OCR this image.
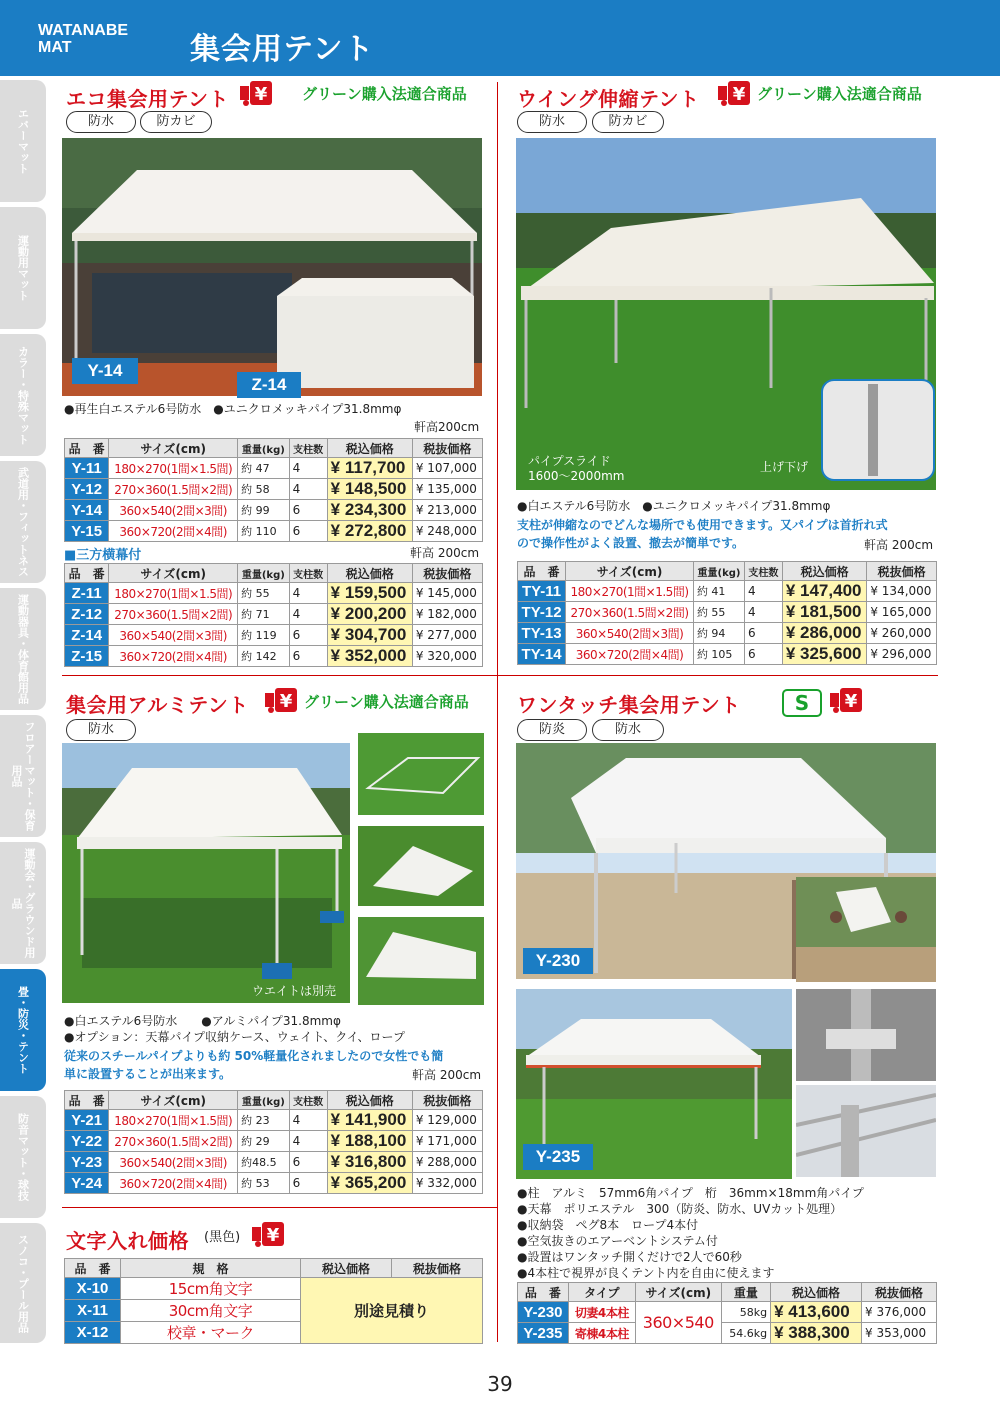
WATANABE
MAT	集会用テント
エバーマット
運動用マット
カラー・特殊マット
武道用・フィットネス
運動器具・体育館用品
フロアーマット・保育用品
運動会・グラウンド用品
畳・防災・テント
防音マット・球技
スノコ・プール用品
エコ集会用テント ¥ グリーン購入法適合商品
防水	防カビ
Y-14
Z-14
●再生白エステル6号防水　●ユニクロメッキパイプ31.8mmφ
軒高200cm
品　番	サイズ(cm)	重量(kg)	支柱数	税込価格	税抜価格
Y-11	180×270(1間×1.5間)	約 47	4	¥ 117,700	¥ 107,000
Y-12	270×360(1.5間×2間)	約 58	4	¥ 148,500	¥ 135,000
Y-14	360×540(2間×3間)	約 99	6	¥ 234,300	¥ 213,000
Y-15	360×720(2間×4間)	約 110	6	¥ 272,800	¥ 248,000
■三方横幕付	軒高 200cm
品　番	サイズ(cm)	重量(kg)	支柱数	税込価格	税抜価格
Z-11	180×270(1間×1.5間)	約 55	4	¥ 159,500	¥ 145,000
Z-12	270×360(1.5間×2間)	約 71	4	¥ 200,200	¥ 182,000
Z-14	360×540(2間×3間)	約 119	6	¥ 304,700	¥ 277,000
Z-15	360×720(2間×4間)	約 142	6	¥ 352,000	¥ 320,000
ウイング伸縮テント ¥ グリーン購入法適合商品
防水	防カビ
パイプスライド
1600〜2000mm
上げ下げ
●白エステル6号防水　●ユニクロメッキパイプ31.8mmφ
支柱が伸縮なのでどんな場所でも使用できます。又パイプは首折れ式
ので操作性がよく設置、撤去が簡単です。	軒高 200cm
品　番	サイズ(cm)	重量(kg)	支柱数	税込価格	税抜価格
TY-11	180×270(1間×1.5間)	約 41	4	¥ 147,400	¥ 134,000
TY-12	270×360(1.5間×2間)	約 55	4	¥ 181,500	¥ 165,000
TY-13	360×540(2間×3間)	約 94	6	¥ 286,000	¥ 260,000
TY-14	360×720(2間×4間)	約 105	6	¥ 325,600	¥ 296,000
集会用アルミテント ¥ グリーン購入法適合商品
防水
ウエイトは別売
●白エステル6号防水　　●アルミパイプ31.8mmφ
●オプション：天幕パイプ収納ケース、ウェイト、クイ、ロープ
従来のスチールパイプよりも約 50%軽量化されましたので女性でも簡
単に設置することが出来ます。	軒高 200cm
品　番	サイズ(cm)	重量(kg)	支柱数	税込価格	税抜価格
Y-21	180×270(1間×1.5間)	約 23	4	¥ 141,900	¥ 129,000
Y-22	270×360(1.5間×2間)	約 29	4	¥ 188,100	¥ 171,000
Y-23	360×540(2間×3間)	約48.5	6	¥ 316,800	¥ 288,000
Y-24	360×720(2間×4間)	約 53	6	¥ 365,200	¥ 332,000
文字入れ価格 (黒色) ¥
品　番	規　格	税込価格	税抜価格
X-10	15cm角文字	別途見積り	
X-11	30cm角文字		
X-12	校章・マーク		
ワンタッチ集会用テント	S	¥
防炎	防水
Y-230
Y-235
●柱　アルミ　57mm6角パイプ　桁　36mm×18mm角パイプ
●天幕　ポリエステル　300（防炎、防水、UVカット処理）
●収納袋　ペグ8本　ロープ4本付
●空気抜きのエアーベントシステム付
●設置はワンタッチ開くだけで2人で60秒
●4本柱で視界が良くテント内を自由に使えます
品　番	タイプ	サイズ(cm)	重量	税込価格	税抜価格
Y-230	切妻4本柱	360×540	58kg	¥ 413,600	¥ 376,000
Y-235	寄棟4本柱		54.6kg	¥ 388,300	¥ 353,000
39
